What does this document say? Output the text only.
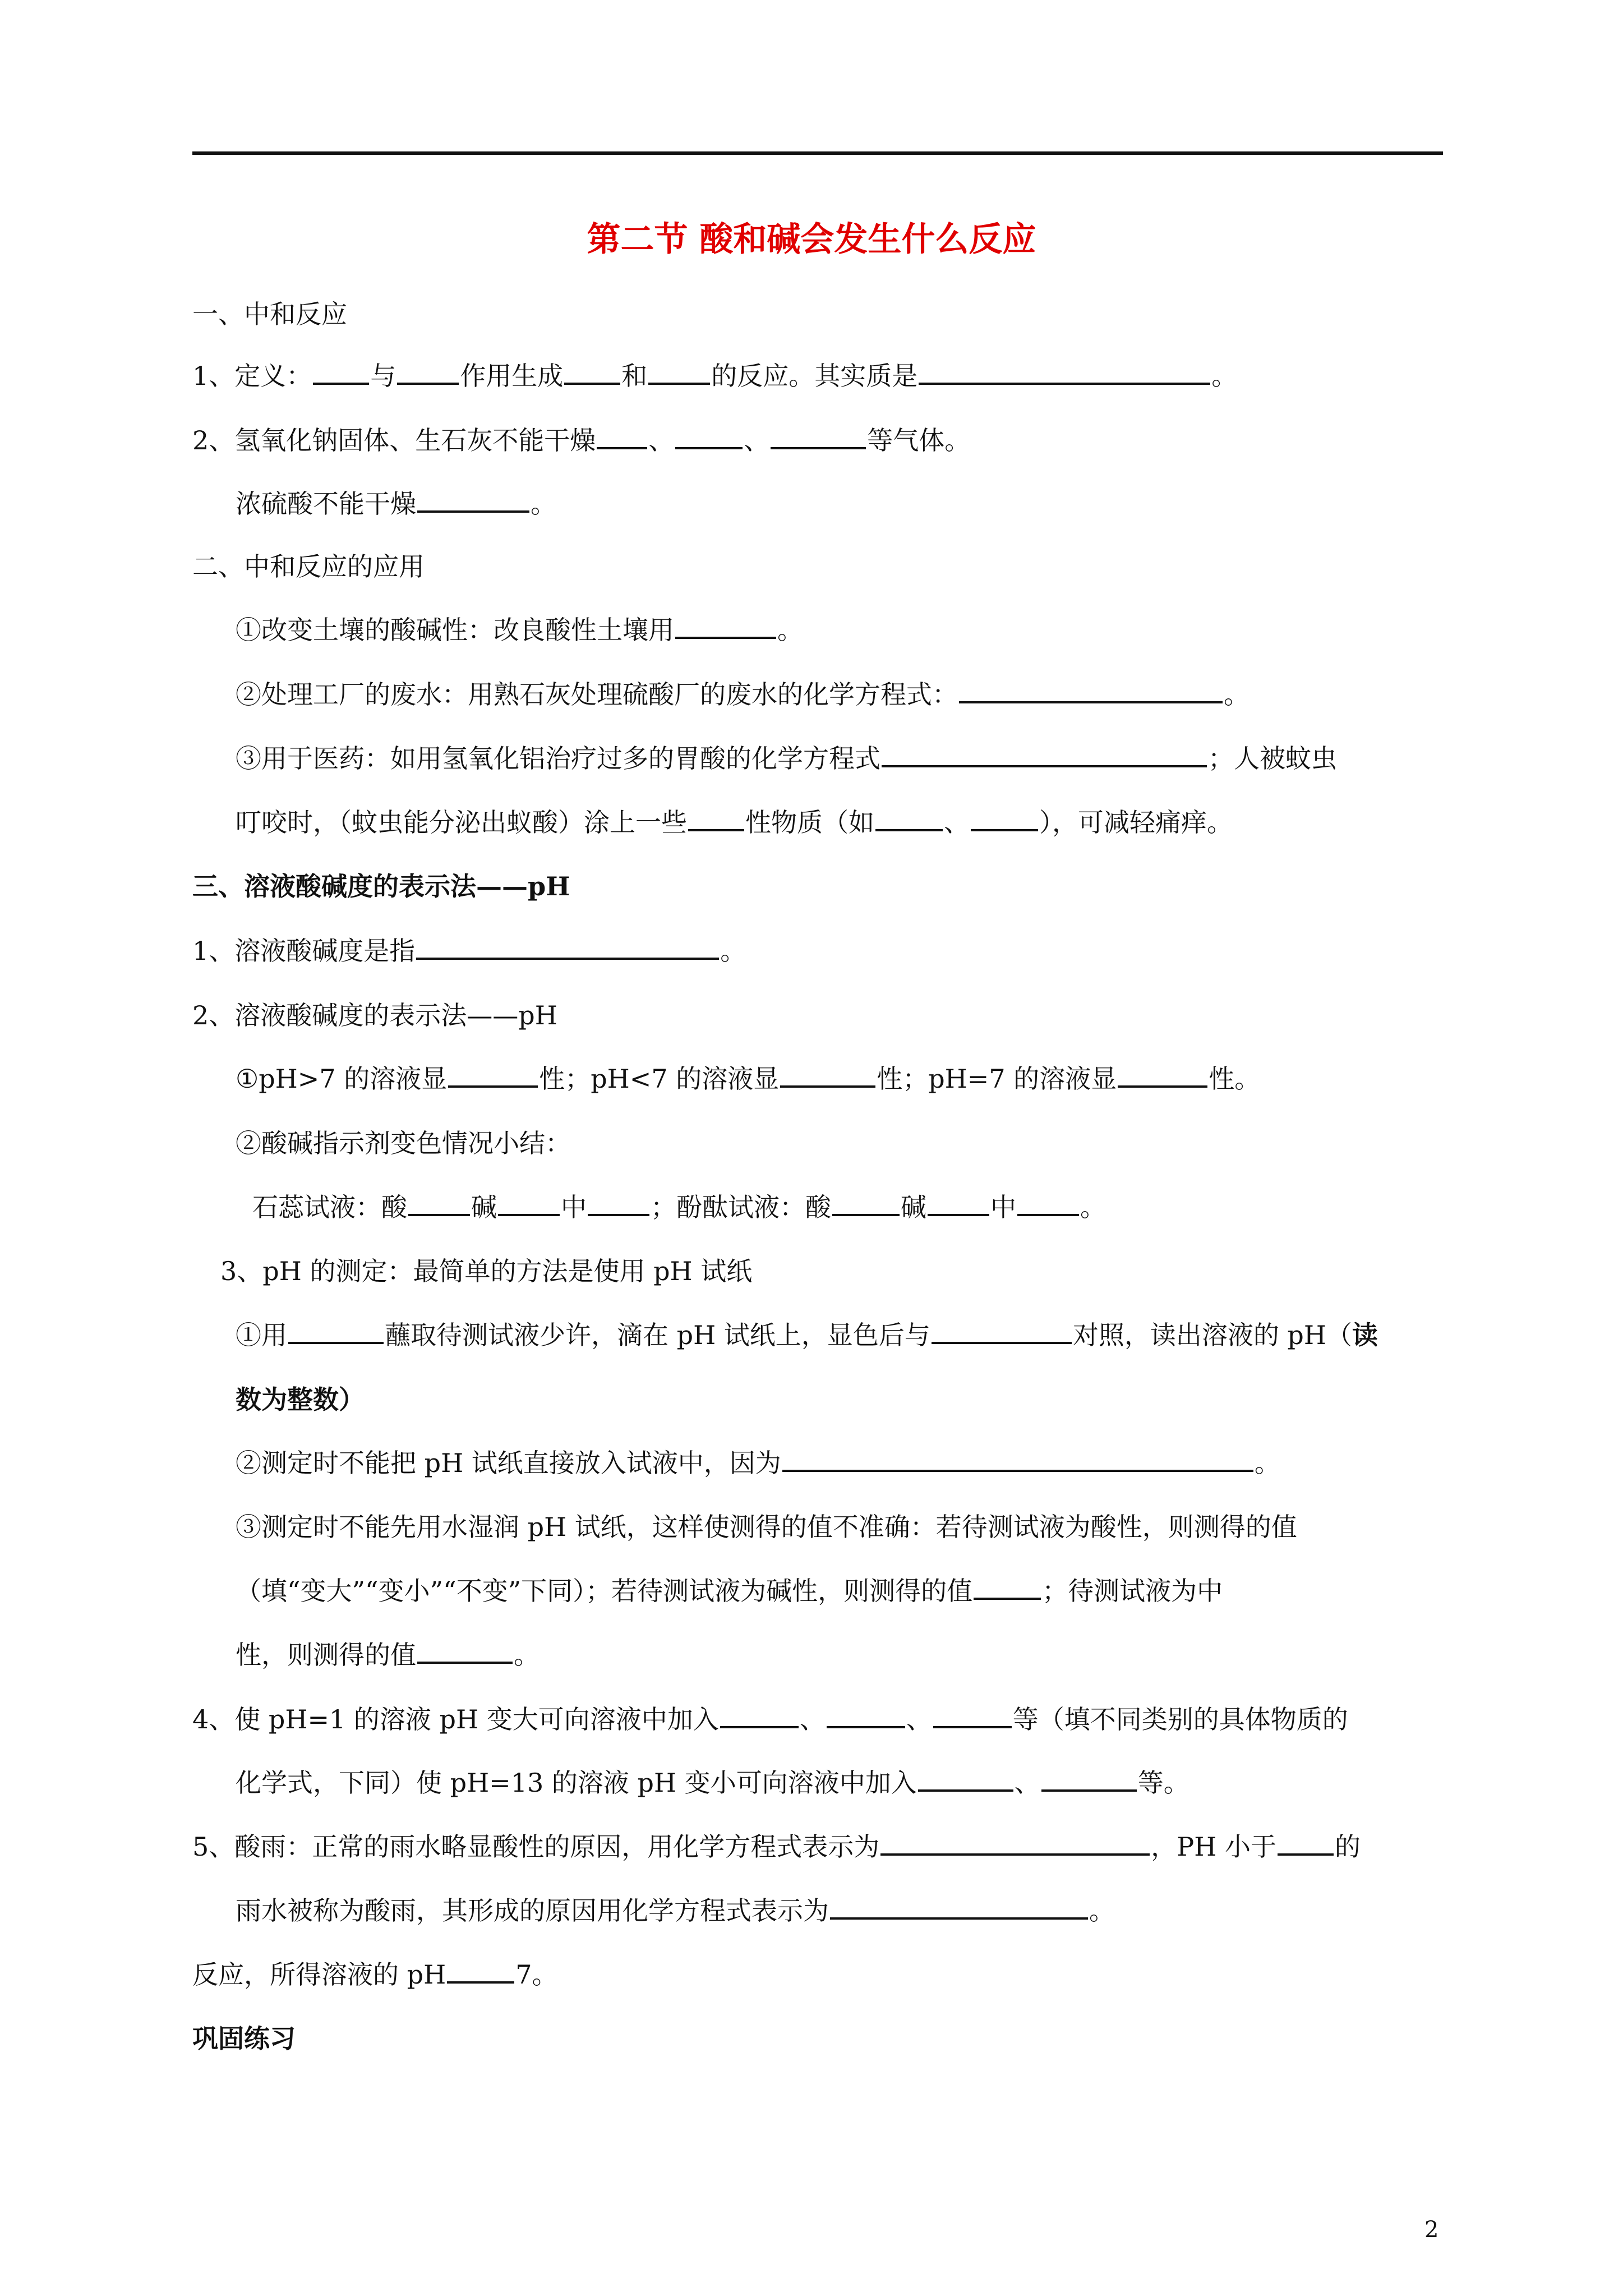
第二节 酸和碱会发生什么反应
一、中和反应
1、定义： 与 作用生成 和 的反应。其实质是	。
2、氢氧化钠固体、生石灰不能干燥 、	、	等气体。
浓硫酸不能干燥	。
二、中和反应的应用
①改变土壤的酸碱性：改良酸性土壤用	。
②处理工厂的废水：用熟石灰处理硫酸厂的废水的化学方程式：	。
③用于医药：如用氢氧化铝治疗过多的胃酸的化学方程式	；人被蚊虫
叮咬时，（蚊虫能分泌出蚁酸）涂上一些 性物质（如	、	），可减轻痛痒。
三、溶液酸碱度的表示法——pH
1、溶液酸碱度是指	。
2、溶液酸碱度的表示法——pH
①pH>7 的溶液显	性；pH<7 的溶液显	性；pH=7 的溶液显	性。
②酸碱指示剂变色情况小结：
石蕊试液：酸 碱 中 ；酚酞试液：酸	碱 中 。
3、pH 的测定：最简单的方法是使用 pH 试纸
①用	蘸取待测试液少许，滴在 pH 试纸上，显色后与	对照，读出溶液的 pH（读
数为整数）
②测定时不能把 pH 试纸直接放入试液中，因为	。
③测定时不能先用水湿润 pH 试纸，这样使测得的值不准确：若待测试液为酸性，则测得的值
（填“变大”“变小”“不变”下同）；若待测试液为碱性，则测得的值	；待测试液为中
性，则测得的值	。
4、使 pH=1 的溶液 pH 变大可向溶液中加入	、	、	等（填不同类别的具体物质的
化学式，下同）使 pH=13 的溶液 pH 变小可向溶液中加入	、	等。
5、酸雨：正常的雨水略显酸性的原因，用化学方程式表示为	，PH 小于 的
雨水被称为酸雨，其形成的原因用化学方程式表示为	。
反应，所得溶液的 pH	7。
巩固练习
2
